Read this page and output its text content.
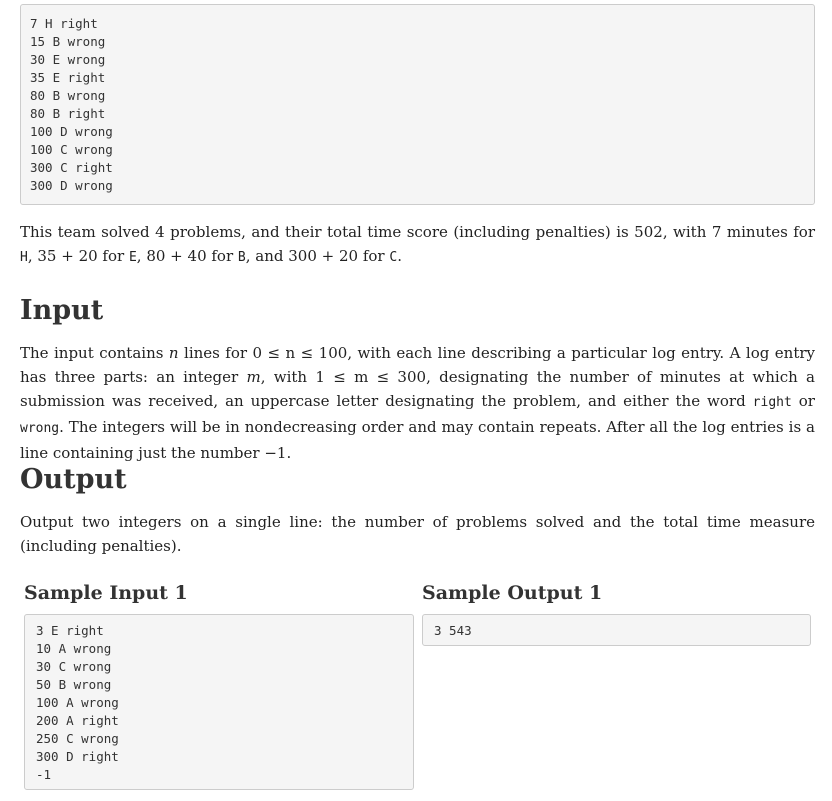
7 H right
15 B wrong
30 E wrong
35 E right
80 B wrong
80 B right
100 D wrong
100 C wrong
300 C right
300 D wrong

This team solved 4 problems, and their total time score (including penalties) is 502, with 7 minutes for H, 35 + 20 for E, 80 + 40 for B, and 300 + 20 for C.

Input

The input contains n lines for 0 ≤ n ≤ 100, with each line describing a particular log entry. A log entry has three parts: an integer m, with 1 ≤ m ≤ 300, designating the number of minutes at which a submission was received, an uppercase letter designating the problem, and either the word right or wrong. The integers will be in nondecreasing order and may contain repeats. After all the log entries is a line containing just the number −1.

Output

Output two integers on a single line: the number of problems solved and the total time measure (including penalties).

Sample Input 1	Sample Output 1
3 E right
10 A wrong
30 C wrong
50 B wrong
100 A wrong
200 A right
250 C wrong
300 D right
-1
3 543
